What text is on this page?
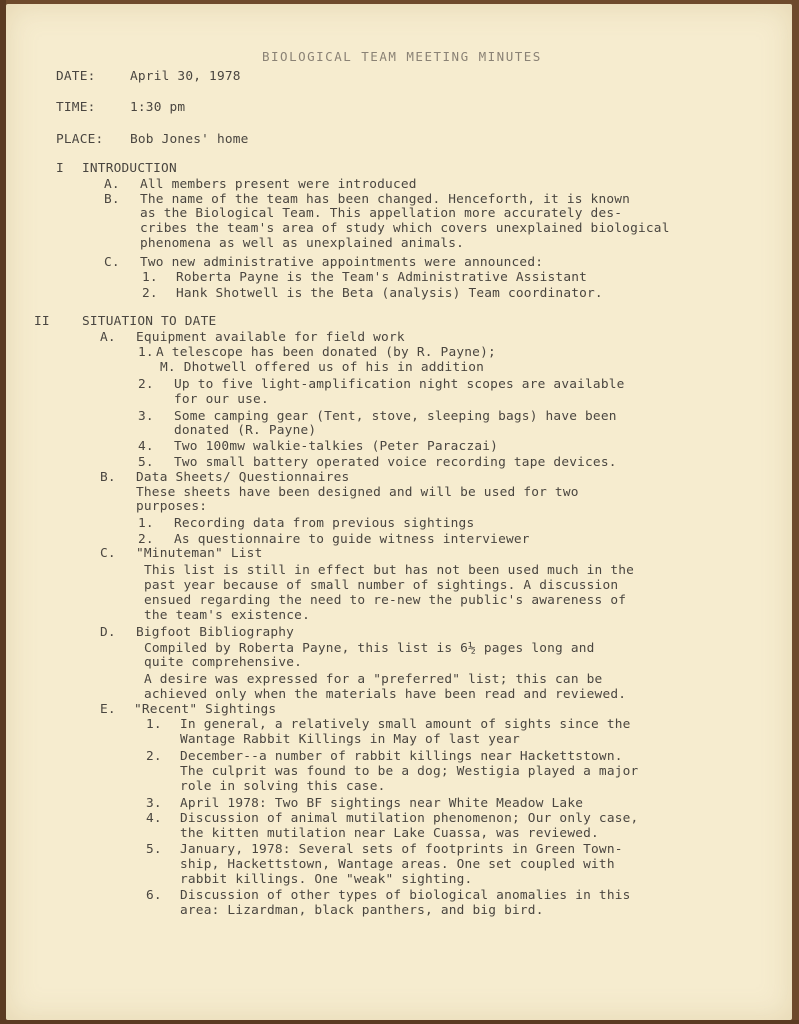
BIOLOGICAL TEAM MEETING MINUTES
DATE:	April 30, 1978
TIME:	1:30 pm
PLACE: Bob Jones' home
I INTRODUCTION
A. All members present were introduced
B. The name of the team has been changed. Henceforth, it is known
as the Biological Team. This appellation more accurately des-
cribes the team's area of study which covers unexplained biological
phenomena as well as unexplained animals.
C. Two new administrative appointments were announced:
1. Roberta Payne is the Team's Administrative Assistant
2. Hank Shotwell is the Beta (analysis) Team coordinator.
II	SITUATION TO DATE
A. Equipment available for field work
1. A telescope has been donated (by R. Payne);
M. Dhotwell offered us of his in addition
2. Up to five light-amplification night scopes are available
for our use.
3. Some camping gear (Tent, stove, sleeping bags) have been
donated (R. Payne)
4. Two 100mw walkie-talkies (Peter Paraczai)
5. Two small battery operated voice recording tape devices.
B. Data Sheets/ Questionnaires
These sheets have been designed and will be used for two
purposes:
1. Recording data from previous sightings
2. As questionnaire to guide witness interviewer
C. "Minuteman" List
This list is still in effect but has not been used much in the
past year because of small number of sightings. A discussion
ensued regarding the need to re-new the public's awareness of
the team's existence.
D. Bigfoot Bibliography
Compiled by Roberta Payne, this list is 6½ pages long and
quite comprehensive.
A desire was expressed for a "preferred" list; this can be
achieved only when the materials have been read and reviewed.
E. "Recent" Sightings
1. In general, a relatively small amount of sights since the
Wantage Rabbit Killings in May of last year
2. December--a number of rabbit killings near Hackettstown.
The culprit was found to be a dog; Westigia played a major
role in solving this case.
3. April 1978: Two BF sightings near White Meadow Lake
4. Discussion of animal mutilation phenomenon; Our only case,
the kitten mutilation near Lake Cuassa, was reviewed.
5. January, 1978: Several sets of footprints in Green Town-
ship, Hackettstown, Wantage areas. One set coupled with
rabbit killings. One "weak" sighting.
6. Discussion of other types of biological anomalies in this
area: Lizardman, black panthers, and big bird.
